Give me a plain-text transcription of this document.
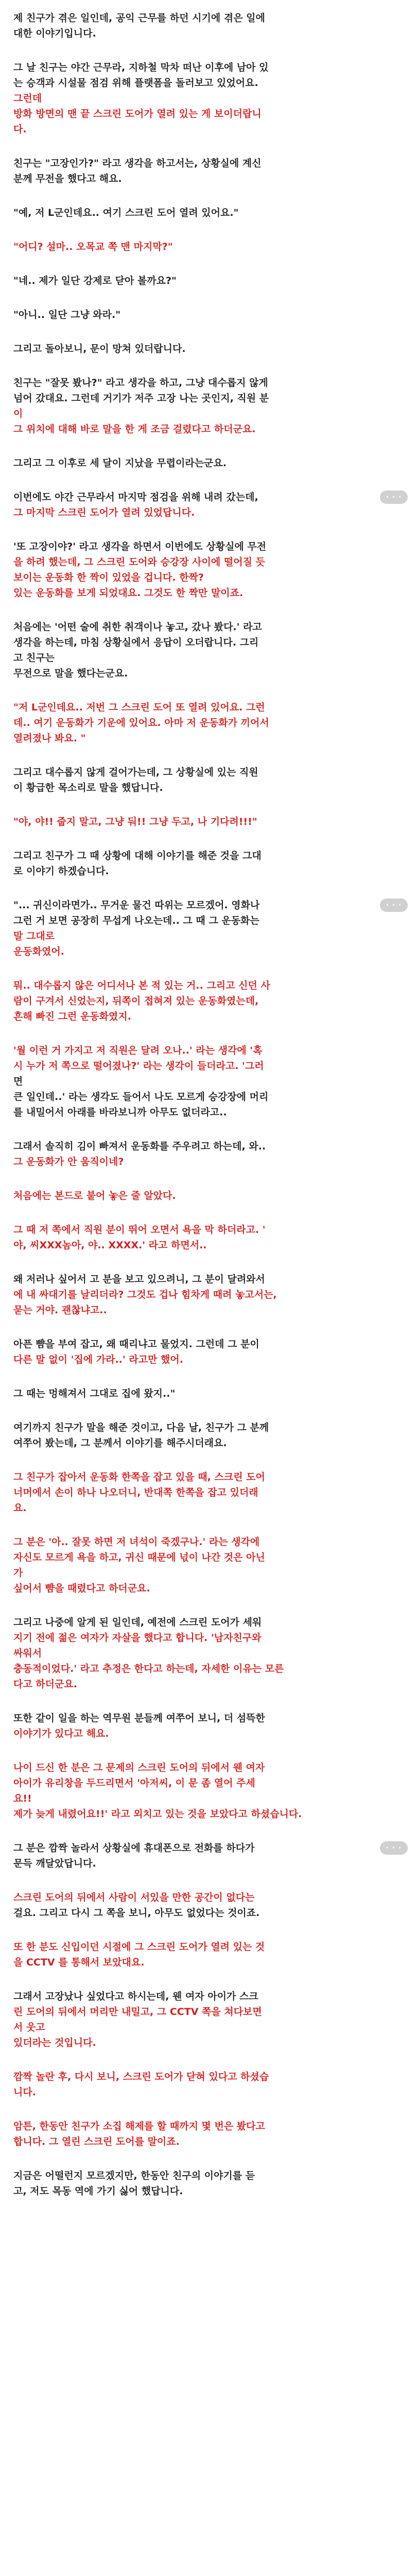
제 친구가 겪은 일인데, 공익 근무를 하던 시기에 겪은 일에
대한 이야기입니다.

그 날 친구는 야간 근무라, 지하철 막차 떠난 이후에 남아 있
는 승객과 시설물 점검 위해 플랫폼을 돌러보고 있었어요.
그런데
방화 방면의 맨 끝 스크린 도어가 열려 있는 게 보이더랍니
다.

친구는 "고장인가?" 라고 생각을 하고서는, 상황실에 계신
분께 무전을 했다고 해요.

"예, 저 L군인데요.. 여기 스크린 도어 열려 있어요."

"어디? 설마.. 오목교 쪽 맨 마지막?"

"네.. 제가 일단 강제로 닫아 볼까요?"

"아니.. 일단 그냥 와라."

그리고 돌아보니, 문이 망쳐 있더랍니다.

친구는 "잘못 봤나?" 라고 생각을 하고, 그냥 대수롭지 않게
넘어 갔대요. 그런데 거기가 저주 고장 나는 곳인지, 직원 분
이
그 위치에 대해 바로 말을 한 게 조금 걸렸다고 하더군요.

그리고 그 이후로 세 달이 지났을 무렵이라는군요.

이번에도 야간 근무라서 마지막 점검을 위해 내려 갔는데,
그 마지막 스크린 도어가 열려 있었답니다.

'또 고장이야?' 라고 생각을 하면서 이번에도 상황실에 무전
을 하려 했는데, 그 스크린 도어와 승강장 사이에 떨어질 듯
보이는 운동화 한 짝이 있었을 겁니다. 한짝?
있는 운동화를 보게 되었대요. 그것도 한 짝만 말이죠.

처음에는 '어떤 술에 취한 취객이나 놓고, 갔나 봤다.' 라고
생각을 하는데, 마침 상황실에서 응답이 오더랍니다. 그리
고 친구는
무전으로 말을 했다는군요.

"저 L군인데요.. 저번 그 스크린 도어 또 열려 있어요. 그런
데.. 여기 운동화가 기운에 있어요. 아마 저 운동화가 끼어서
열려졌나 봐요. "

그리고 대수롭지 않게 걸어가는데, 그 상황실에 있는 직원
이 황급한 목소리로 말을 했답니다.

"야, 야!! 줍지 말고, 그냥 둬!! 그냥 두고, 나 기다려!!!"

그리고 친구가 그 때 상황에 대해 이야기를 해준 것을 그대
로 이야기 하겠습니다.

"... 귀신이라면가.. 무거운 물건 따위는 모르겠어. 영화나
그런 거 보면 공장히 무섭게 나오는데.. 그 때 그 운동화는
말 그대로
운동화였어.

뭐.. 대수롭지 않은 어디서나 본 적 있는 거.. 그리고 신던 사
람이 구겨서 신었는지, 뒤쪽이 접혀져 있는 운동화였는데,
흔해 빠진 그런 운동화였지.

'월 이런 거 가지고 저 직원은 달려 오나..' 라는 생각에 '혹
시 누가 저 쪽으로 떨어졌나?' 라는 생각이 들더라고. '그러
면
큰 일인데..' 라는 생각도 들어서 나도 모르게 승강장에 머리
를 내밀어서 아래를 바라보니까 아무도 없더라고..

그래서 솔직히 김이 빠져서 운동화를 주우려고 하는데, 와..
그 운동화가 안 움직이네?

처음에는 본드로 붙어 놓은 줄 알았다.

그 때 저 쪽에서 직원 분이 뛰어 오면서 욕을 막 하더라고. '
야, 씨XXX놈아, 야.. XXXX.' 라고 하면서..

왜 저러나 싶어서 고 분을 보고 있으려니, 그 분이 달려와서
에 내 싸대기를 날리더라? 그것도 겁나 힘차게 때려 놓고서는,
묻는 거야. 괜찮냐고..

아픈 뺨을 부여 잡고, 왜 때리냐고 물었지. 그런데 그 분이
다른 말 없이 '집에 가라..' 라고만 했어.

그 때는 멍해져서 그대로 집에 왔지.."

여기까지 친구가 말을 해준 것이고, 다음 날, 친구가 그 분께
여쭈어 봤는데, 그 분께서 이야기를 해주시더래요.

그 친구가 잡아서 운동화 한쪽을 잡고 있을 때, 스크린 도어
너머에서 손이 하나 나오더니, 반대쪽 한쪽을 잡고 있더래
요.

그 분은 '아.. 잘못 하면 저 녀석이 죽겠구나.' 라는 생각에
자신도 모르게 욕을 하고, 귀신 때문에 넋이 나간 것은 아닌
가
싶어서 뺨을 때렸다고 하더군요.

그리고 나중에 알게 된 일인데, 예전에 스크린 도어가 세워
지기 전에 젊은 여자가 자살을 했다고 합니다. '남자친구와
싸워서
충동적이었다.' 라고 추정은 한다고 하는데, 자세한 이유는 모른
다고 하더군요.

또한 같이 일을 하는 역무원 분들께 여쭈어 보니, 더 섬뜩한
이야기가 있다고 해요.

나이 드신 한 분은 그 문제의 스크린 도어의 뒤에서 웬 여자
아이가 유리창을 두드리면서 '아저씨, 이 문 좀 열어 주세
요!!
제가 늦게 내렸어요!!' 라고 외치고 있는 것을 보았다고 하셨습니다.

그 분은 깜짝 놀라서 상황실에 휴대폰으로 전화를 하다가
문득 깨달았답니다.

스크린 도어의 뒤에서 사람이 서있을 만한 공간이 없다는
걸요. 그리고 다시 그 쪽을 보니, 아무도 없었다는 것이죠.

또 한 분도 신입이던 시절에 그 스크린 도어가 열려 있는 것
을 CCTV 를 통해서 보았대요.

그래서 고장났나 싶었다고 하시는데, 웬 여자 아이가 스크
린 도어의 뒤에서 머리만 내밀고, 그 CCTV 쪽을 쳐다보면
서 웃고
있더라는 것입니다.

깜짝 놀란 후, 다시 보니, 스크린 도어가 닫혀 있다고 하셨습
니다.

암튼, 한동안 친구가 소집 해제를 할 때까지 몇 번은 봤다고
합니다. 그 열린 스크린 도어를 말이죠.

지금은 어떨런지 모르겠지만, 한동안 친구의 이야기를 듣
고, 저도 목동 역에 가기 싫어 했답니다.

· · ·
· · ·
· · ·
